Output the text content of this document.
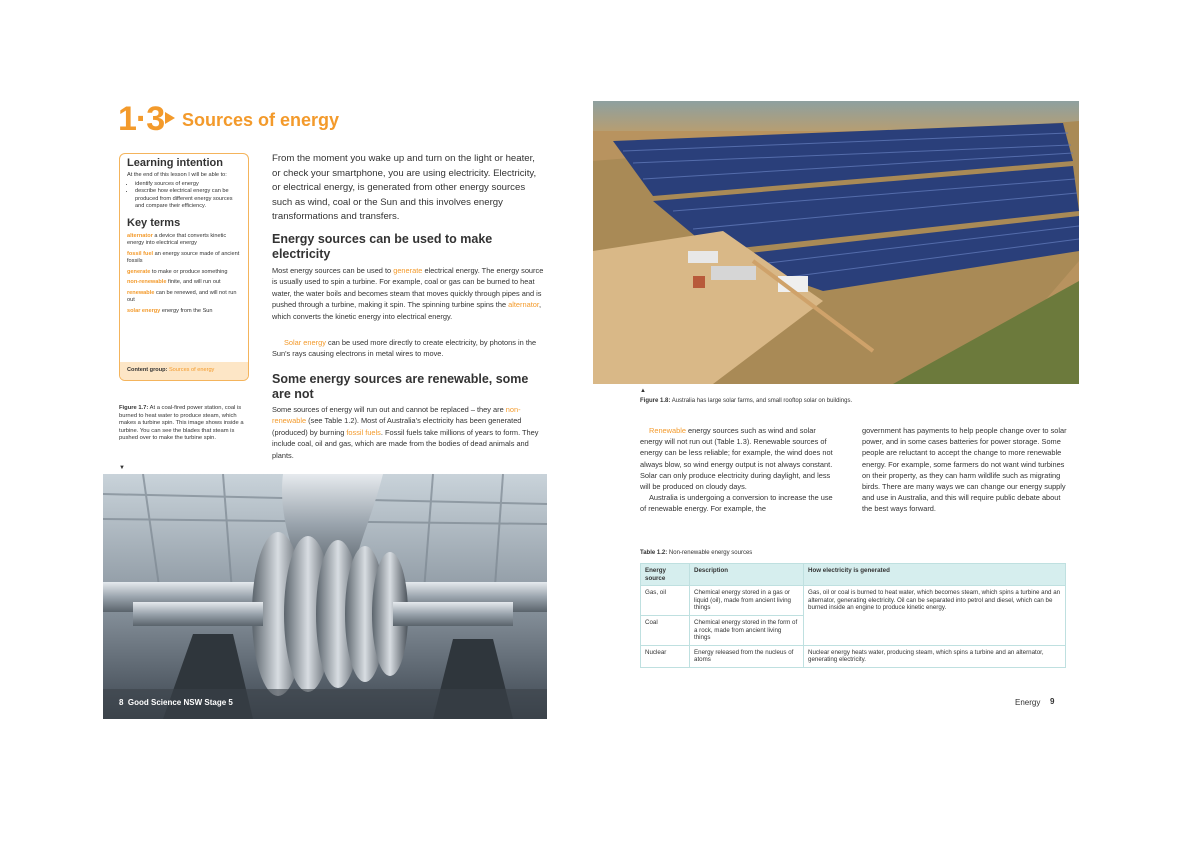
1·3 Sources of energy
Learning intention
At the end of this lesson I will be able to:
• identify sources of energy
• describe how electrical energy can be produced from different energy sources and compare their efficiency.
Key terms
alternator a device that converts kinetic energy into electrical energy
fossil fuel an energy source made of ancient fossils
generate to make or produce something
non-renewable finite, and will run out
renewable can be renewed, and will not run out
solar energy energy from the Sun
Content group: Sources of energy
From the moment you wake up and turn on the light or heater, or check your smartphone, you are using electricity. Electricity, or electrical energy, is generated from other energy sources such as wind, coal or the Sun and this involves energy transformations and transfers.
Energy sources can be used to make electricity
Most energy sources can be used to generate electrical energy. The energy source is usually used to spin a turbine. For example, coal or gas can be burned to heat water, the water boils and becomes steam that moves quickly through pipes and is pushed through a turbine, making it spin. The spinning turbine spins the alternator, which converts the kinetic energy into electrical energy.
Solar energy can be used more directly to create electricity, by photons in the Sun's rays causing electrons in metal wires to move.
Some energy sources are renewable, some are not
Some sources of energy will run out and cannot be replaced – they are non-renewable (see Table 1.2). Most of Australia's electricity has been generated (produced) by burning fossil fuels. Fossil fuels take millions of years to form. They include coal, oil and gas, which are made from the bodies of dead animals and plants.
Figure 1.7: At a coal-fired power station, coal is burned to heat water to produce steam, which makes a turbine spin. This image shows inside a turbine. You can see the blades that steam is pushed over to make the turbine spin.
▼
8 Good Science NSW Stage 5
▲
Figure 1.8: Australia has large solar farms, and small rooftop solar on buildings.

Renewable energy sources such as wind and solar energy will not run out (Table 1.3). Renewable sources of energy can be less reliable; for example, the wind does not always blow, so wind energy output is not always constant. Solar can only produce electricity during daylight, and less will be produced on cloudy days.

Australia is undergoing a conversion to increase the use of renewable energy. For example, the

government has payments to help people change over to solar power, and in some cases batteries for power storage. Some people are reluctant to accept the change to more renewable energy. For example, some farmers do not want wind turbines on their property, as they can harm wildlife such as migrating birds. There are many ways we can change our energy supply and use in Australia, and this will require public debate about the best ways forward.

Table 1.2: Non-renewable energy sources
Energy source	Description	How electricity is generated
Gas, oil	Chemical energy stored in a gas or liquid (oil), made from ancient living things	Gas, oil or coal is burned to heat water, which becomes steam, which spins a turbine and an alternator, generating electricity. Oil can be separated into petrol and diesel, which can be burned inside an engine to produce kinetic energy.
Coal	Chemical energy stored in the form of a rock, made from ancient living things	
Nuclear	Energy released from the nucleus of atoms	Nuclear energy heats water, producing steam, which spins a turbine and an alternator, generating electricity.
Energy 9
